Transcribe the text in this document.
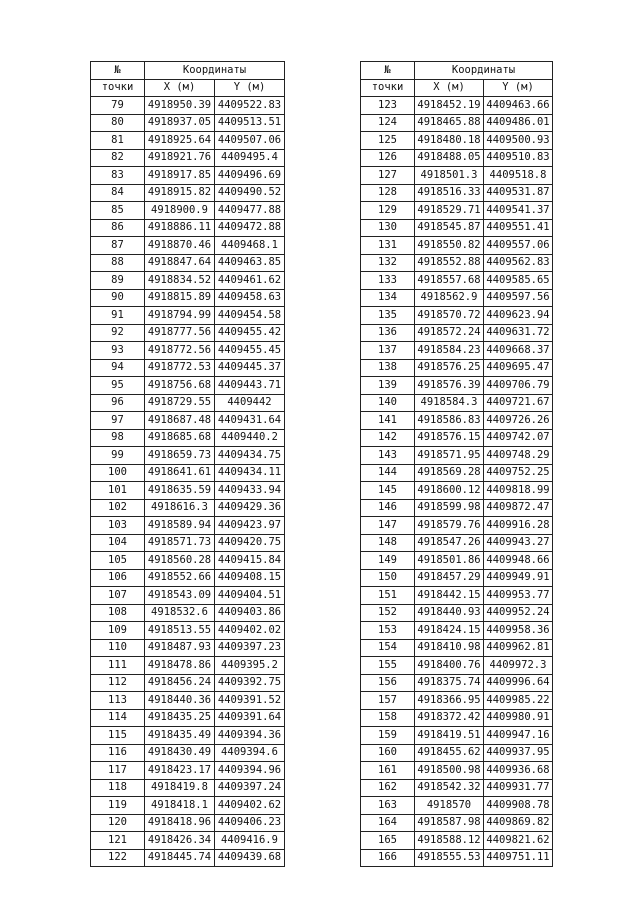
№	Координаты	
точки	X (м)	Y (м)
79	4918950.39	4409522.83
80	4918937.05	4409513.51
81	4918925.64	4409507.06
82	4918921.76	4409495.4
83	4918917.85	4409496.69
84	4918915.82	4409490.52
85	4918900.9	4409477.88
86	4918886.11	4409472.88
87	4918870.46	4409468.1
88	4918847.64	4409463.85
89	4918834.52	4409461.62
90	4918815.89	4409458.63
91	4918794.99	4409454.58
92	4918777.56	4409455.42
93	4918772.56	4409455.45
94	4918772.53	4409445.37
95	4918756.68	4409443.71
96	4918729.55	4409442
97	4918687.48	4409431.64
98	4918685.68	4409440.2
99	4918659.73	4409434.75
100	4918641.61	4409434.11
101	4918635.59	4409433.94
102	4918616.3	4409429.36
103	4918589.94	4409423.97
104	4918571.73	4409420.75
105	4918560.28	4409415.84
106	4918552.66	4409408.15
107	4918543.09	4409404.51
108	4918532.6	4409403.86
109	4918513.55	4409402.02
110	4918487.93	4409397.23
111	4918478.86	4409395.2
112	4918456.24	4409392.75
113	4918440.36	4409391.52
114	4918435.25	4409391.64
115	4918435.49	4409394.36
116	4918430.49	4409394.6
117	4918423.17	4409394.96
118	4918419.8	4409397.24
119	4918418.1	4409402.62
120	4918418.96	4409406.23
121	4918426.34	4409416.9
122	4918445.74	4409439.68
№	Координаты	
точки	X (м)	Y (м)
123	4918452.19	4409463.66
124	4918465.88	4409486.01
125	4918480.18	4409500.93
126	4918488.05	4409510.83
127	4918501.3	4409518.8
128	4918516.33	4409531.87
129	4918529.71	4409541.37
130	4918545.87	4409551.41
131	4918550.82	4409557.06
132	4918552.88	4409562.83
133	4918557.68	4409585.65
134	4918562.9	4409597.56
135	4918570.72	4409623.94
136	4918572.24	4409631.72
137	4918584.23	4409668.37
138	4918576.25	4409695.47
139	4918576.39	4409706.79
140	4918584.3	4409721.67
141	4918586.83	4409726.26
142	4918576.15	4409742.07
143	4918571.95	4409748.29
144	4918569.28	4409752.25
145	4918600.12	4409818.99
146	4918599.98	4409872.47
147	4918579.76	4409916.28
148	4918547.26	4409943.27
149	4918501.86	4409948.66
150	4918457.29	4409949.91
151	4918442.15	4409953.77
152	4918440.93	4409952.24
153	4918424.15	4409958.36
154	4918410.98	4409962.81
155	4918400.76	4409972.3
156	4918375.74	4409996.64
157	4918366.95	4409985.22
158	4918372.42	4409980.91
159	4918419.51	4409947.16
160	4918455.62	4409937.95
161	4918500.98	4409936.68
162	4918542.32	4409931.77
163	4918570	4409908.78
164	4918587.98	4409869.82
165	4918588.12	4409821.62
166	4918555.53	4409751.11
